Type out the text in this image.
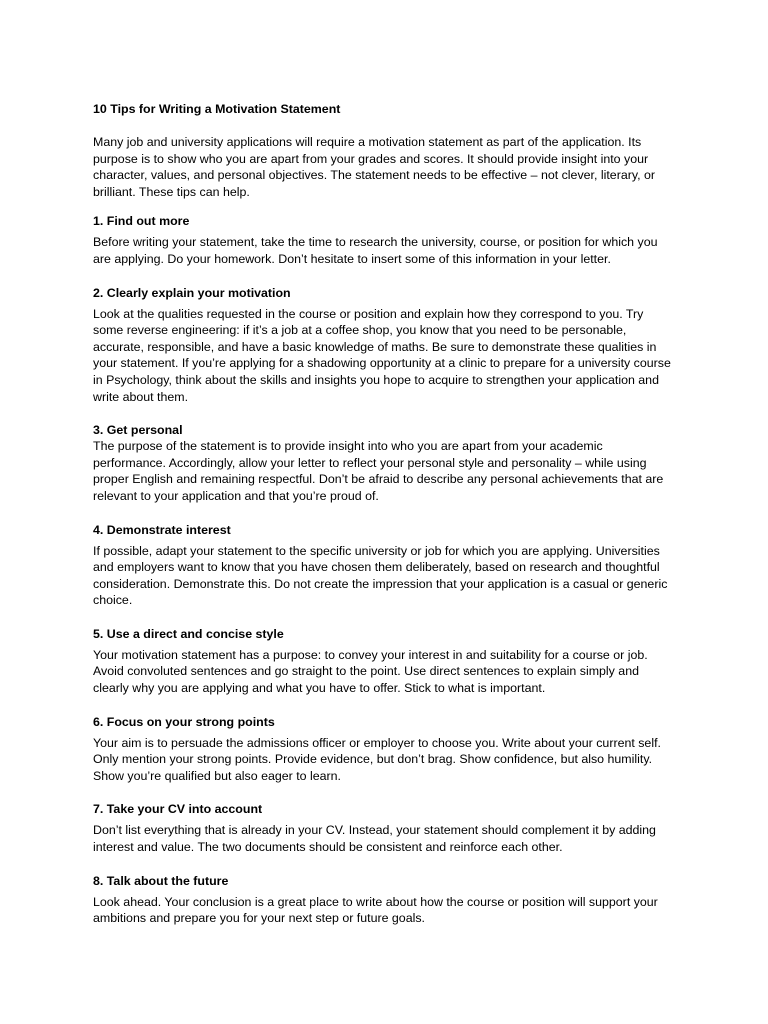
10 Tips for Writing a Motivation Statement

Many job and university applications will require a motivation statement as part of the application. Its purpose is to show who you are apart from your grades and scores. It should provide insight into your character, values, and personal objectives. The statement needs to be effective – not clever, literary, or brilliant. These tips can help.

1. Find out more

Before writing your statement, take the time to research the university, course, or position for which you are applying. Do your homework. Don’t hesitate to insert some of this information in your letter.

2. Clearly explain your motivation

Look at the qualities requested in the course or position and explain how they correspond to you. Try some reverse engineering: if it’s a job at a coffee shop, you know that you need to be personable, accurate, responsible, and have a basic knowledge of maths. Be sure to demonstrate these qualities in your statement. If you’re applying for a shadowing opportunity at a clinic to prepare for a university course in Psychology, think about the skills and insights you hope to acquire to strengthen your application and write about them.

3. Get personal

The purpose of the statement is to provide insight into who you are apart from your academic performance. Accordingly, allow your letter to reflect your personal style and personality – while using proper English and remaining respectful. Don’t be afraid to describe any personal achievements that are relevant to your application and that you’re proud of.

4. Demonstrate interest

If possible, adapt your statement to the specific university or job for which you are applying. Universities and employers want to know that you have chosen them deliberately, based on research and thoughtful consideration. Demonstrate this. Do not create the impression that your application is a casual or generic choice.

5. Use a direct and concise style

Your motivation statement has a purpose: to convey your interest in and suitability for a course or job. Avoid convoluted sentences and go straight to the point. Use direct sentences to explain simply and clearly why you are applying and what you have to offer. Stick to what is important.

6. Focus on your strong points

Your aim is to persuade the admissions officer or employer to choose you. Write about your current self. Only mention your strong points. Provide evidence, but don’t brag. Show confidence, but also humility. Show you’re qualified but also eager to learn.

7. Take your CV into account

Don’t list everything that is already in your CV. Instead, your statement should complement it by adding interest and value. The two documents should be consistent and reinforce each other.

8. Talk about the future

Look ahead. Your conclusion is a great place to write about how the course or position will support your ambitions and prepare you for your next step or future goals.
